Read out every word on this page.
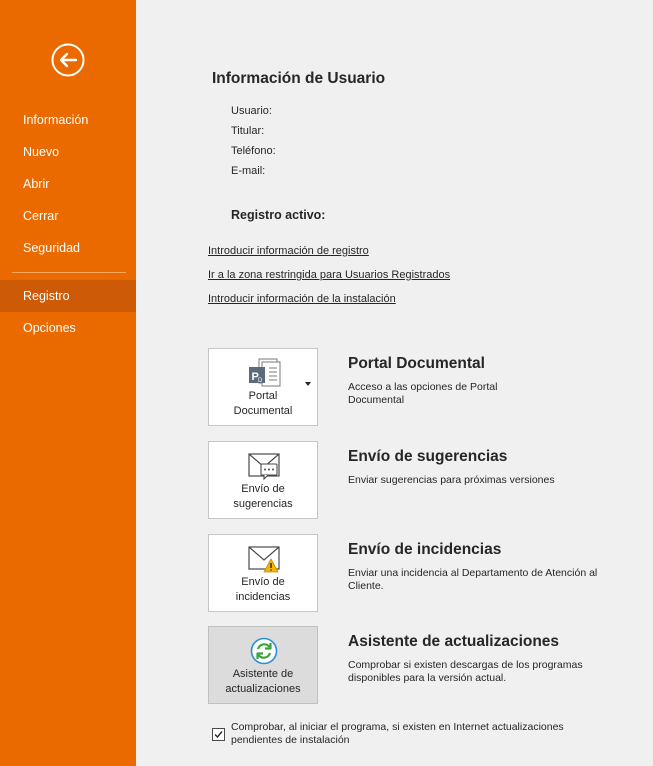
Información
Nuevo
Abrir
Cerrar
Seguridad
Registro
Opciones
Información de Usuario
Usuario:
Titular:
Teléfono:
E-mail:
Registro activo:
Introducir información de registro
Ir a la zona restringida para Usuarios Registrados
Introducir información de la instalación
P D
Portal
Documental
Portal Documental
Acceso a las opciones de Portal Documental
Envío de
sugerencias
Envío de sugerencias
Enviar sugerencias para próximas versiones
Envío de
incidencias
Envío de incidencias
Enviar una incidencia al Departamento de Atención al Cliente.
Asistente de
actualizaciones
Asistente de actualizaciones
Comprobar si existen descargas de los programas disponibles para la versión actual.
Comprobar, al iniciar el programa, si existen en Internet actualizaciones pendientes de instalación
